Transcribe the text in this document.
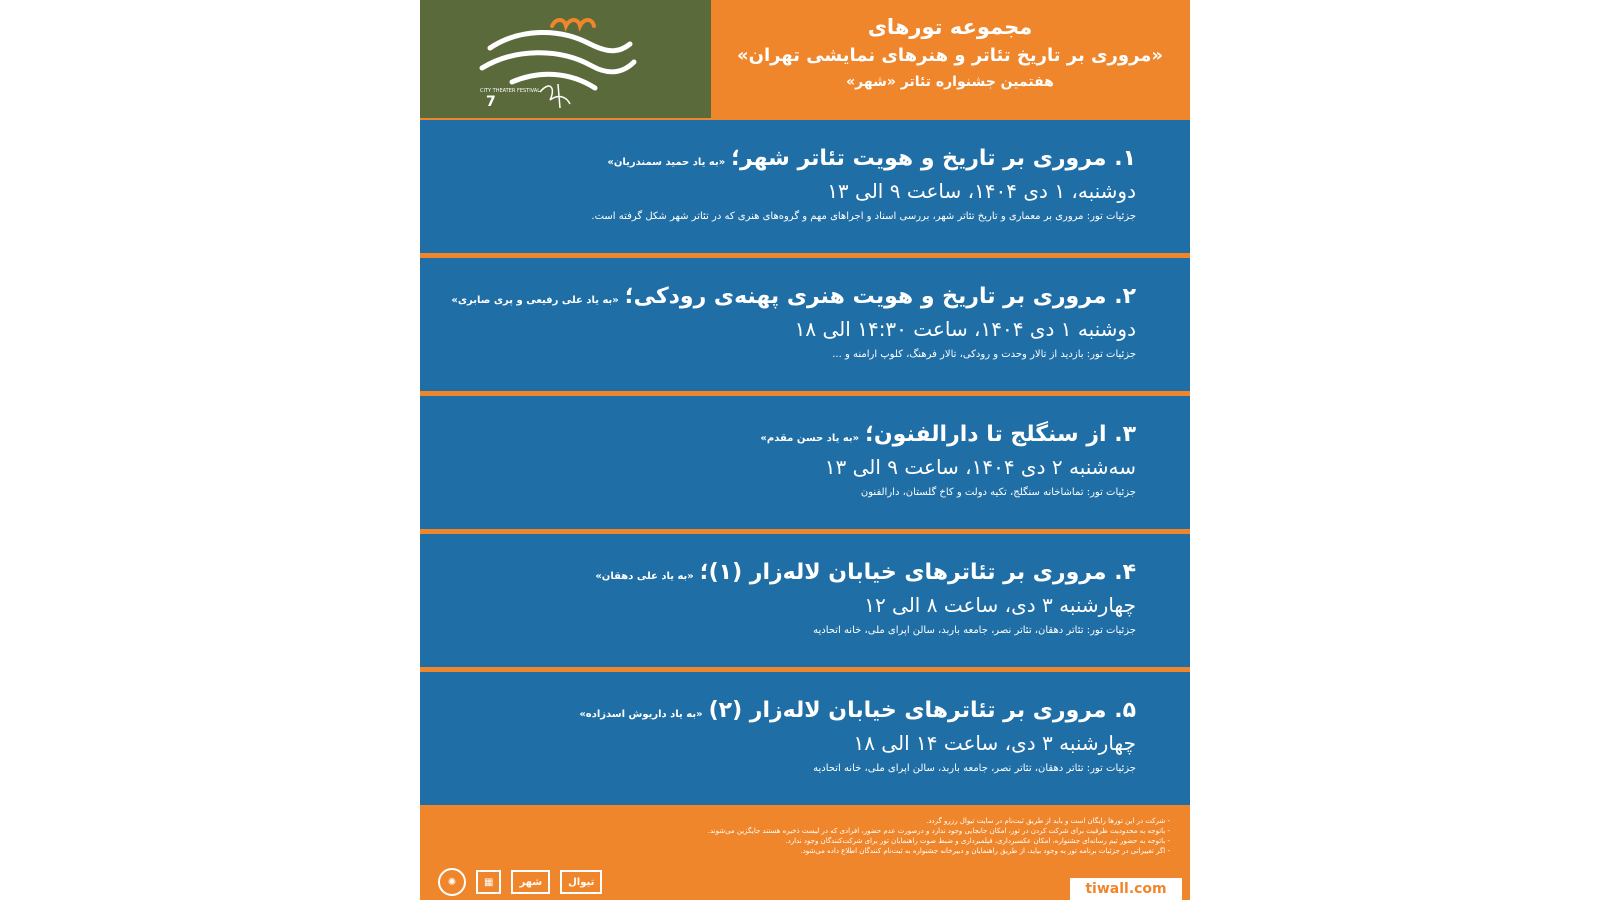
CITY THEATER FESTIVAL
7
مجموعه تورهای
«مروری بر تاریخ تئاتر و هنرهای نمایشی تهران»
هفتمین جشنواره تئاتر «شهر»
۱. مروری بر تاریخ و هویت تئاتر شهر؛
«به یاد حمید سمندریان»
دوشنبه، ۱ دی ۱۴۰۴، ساعت ۹ الی ۱۳
جزئیات تور: مروری بر معماری و تاریخ تئاتر شهر، بررسی اسناد و اجراهای مهم و گروه‌های هنری که در تئاتر شهر شکل گرفته است.
۲. مروری بر تاریخ و هویت هنری پهنه‌ی رودکی؛
«به یاد علی رفیعی و پری صابری»
دوشنبه ۱ دی ۱۴۰۴، ساعت ۱۴:۳۰ الی ۱۸
جزئیات تور: بازدید از تالار وحدت و رودکی، تالار فرهنگ، کلوپ ارامنه و ...
۳. از سنگلج تا دارالفنون؛
«به یاد حسن مقدم»
سه‌شنبه ۲ دی ۱۴۰۴، ساعت ۹ الی ۱۳
جزئیات تور: تماشاخانه سنگلج، تکیه دولت و کاخ گلستان، دارالفنون
۴. مروری بر تئاترهای خیابان لاله‌زار (۱)؛
«به یاد علی دهقان»
چهارشنبه ۳ دی، ساعت ۸ الی ۱۲
جزئیات تور: تئاتر دهقان، تئاتر نصر، جامعه باربد، سالن اپرای ملی، خانه اتحادیه
۵. مروری بر تئاترهای خیابان لاله‌زار (۲)
«به یاد داریوش اسدزاده»
چهارشنبه ۳ دی، ساعت ۱۴ الی ۱۸
جزئیات تور: تئاتر دهقان، تئاتر نصر، جامعه باربد، سالن اپرای ملی، خانه اتحادیه
- شرکت در این تورها رایگان است و باید از طریق ثبت‌نام در سایت تیوال رزرو گردد.
- باتوجه به محدودیت ظرفیت برای شرکت کردن در تور، امکان جابجایی وجود ندارد و درصورت عدم حضور، افرادی که در لیست ذخیره هستند جایگزین می‌شوند.
- باتوجه به حضور تیم رسانه‌ای جشنواره، امکان عکسبرداری، فیلمبرداری و ضبط صوت راهنمایان تور برای شرکت‌کنندگان وجود ندارد.
- اگر تغییراتی در جزئیات برنامه تور به وجود بیاید، از طریق راهنمایان و دبیرخانه جشنواره به ثبت‌نام کنندگان اطلاع داده می‌شود.
✺	▦	شهر	تیوال	tiwall.com
